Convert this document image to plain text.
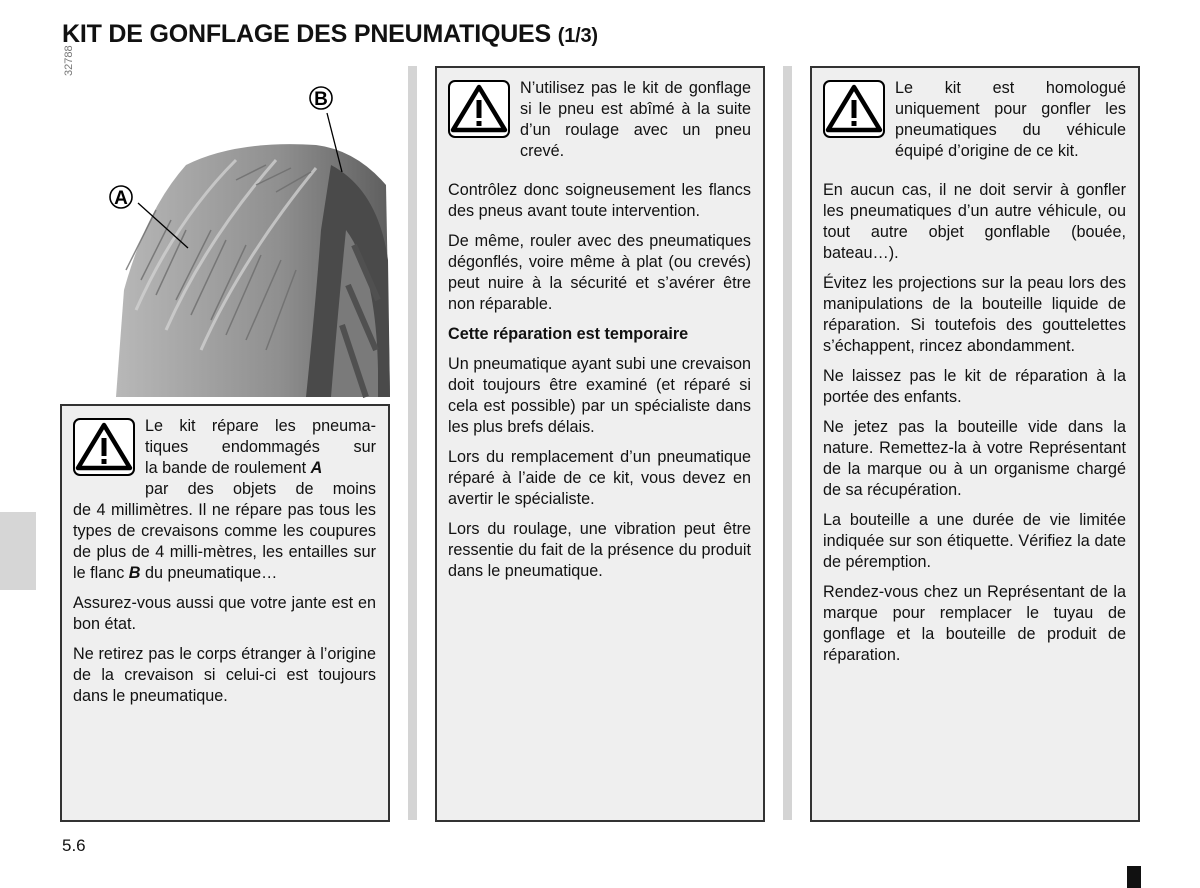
KIT DE GONFLAGE DES PNEUMATIQUES (1/3)
32788
A
B
Le kit répare les pneuma-
tiques endommagés sur
la bande de roulement A
par des objets de moins

de 4 millimètres. Il ne répare pas tous les types de crevaisons comme les coupures de plus de 4 milli-mètres, les entailles sur le flanc B du pneumatique…

Assurez-vous aussi que votre jante est en bon état.

Ne retirez pas le corps étranger à l’origine de la crevaison si celui-ci est toujours dans le pneumatique.

N’utilisez pas le kit de gonflage si le pneu est abîmé à la suite d’un roulage avec un pneu crevé.

Contrôlez donc soigneusement les flancs des pneus avant toute intervention.

De même, rouler avec des pneumatiques dégonflés, voire même à plat (ou crevés) peut nuire à la sécurité et s’avérer être non réparable.

Cette réparation est temporaire

Un pneumatique ayant subi une crevaison doit toujours être examiné (et réparé si cela est possible) par un spécialiste dans les plus brefs délais.

Lors du remplacement d’un pneumatique réparé à l’aide de ce kit, vous devez en avertir le spécialiste.

Lors du roulage, une vibration peut être ressentie du fait de la présence du produit dans le pneumatique.

Le kit est homologué uniquement pour gonfler les pneumatiques du véhicule équipé d’origine de ce kit.

En aucun cas, il ne doit servir à gonfler les pneumatiques d’un autre véhicule, ou tout autre objet gonflable (bouée, bateau…).

Évitez les projections sur la peau lors des manipulations de la bouteille liquide de réparation. Si toutefois des gouttelettes s’échappent, rincez abondamment.

Ne laissez pas le kit de réparation à la portée des enfants.

Ne jetez pas la bouteille vide dans la nature. Remettez-la à votre Représentant de la marque ou à un organisme chargé de sa récupération.

La bouteille a une durée de vie limitée indiquée sur son étiquette. Vérifiez la date de péremption.

Rendez-vous chez un Représentant de la marque pour remplacer le tuyau de gonflage et la bouteille de produit de réparation.

5.6
